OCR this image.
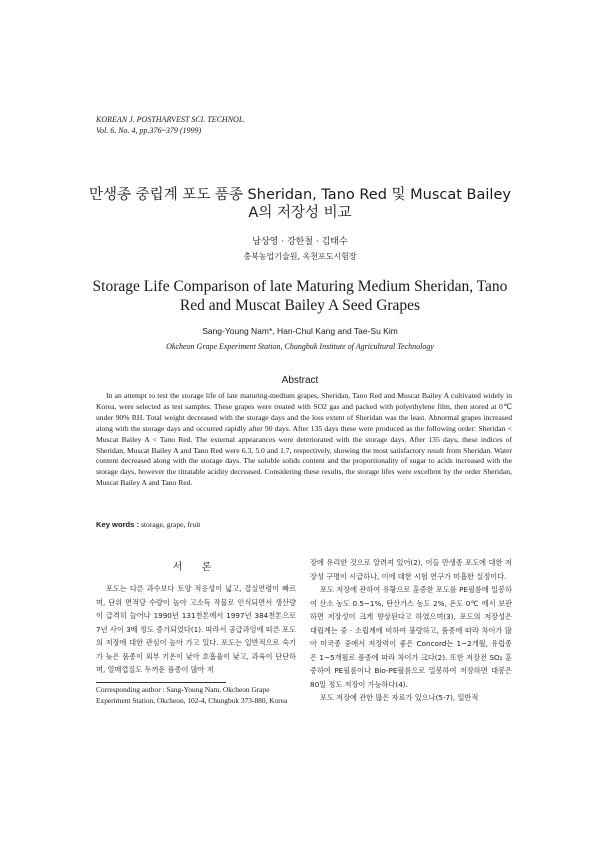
KOREAN J. POSTHARVEST SCI. TECHNOL.
Vol. 6. No. 4, pp.376~379 (1999)
만생종 중립계 포도 품종 Sheridan, Tano Red 및 Muscat Bailey
A의 저장성 비교
남상영 · 강한철 · 김태수
충북농업기술원, 옥천포도시험장
Storage Life Comparison of late Maturing Medium Sheridan, Tano
Red and Muscat Bailey A Seed Grapes
Sang-Young Nam*, Han-Chul Kang and Tae-Su Kim
Okcheon Grape Experiment Station, Chungbuk Institute of Agricultural Technology
Abstract

In an attempt to test the storage life of late maturing-medium grapes, Sheridan, Tano Red and Muscat Bailey A cultivated widely in Korea, were selected as test samples. These grapes were treated with SO2 gas and packed with polyethylene film, then stored at 0℃ under 90% RH. Total weight decreased with the storage days and the loss extent of Sheridan was the least. Abnormal grapes increased along with the storage days and occurred rapidly after 90 days. After 135 days these were produced as the following order: Sheridan < Muscat Bailey A < Tano Red. The external appearances were deteriorated with the storage days. After 135 days, these indices of Sheridan, Muscat Bailey A and Tano Red were 6.3, 5.0 and 1.7, respectively, showing the most satisfactory result from Sheridan. Water content decreased along with the storage days. The soluble solids content and the proportionality of sugar to acids increased with the storage days, however the titratable acidity decreased. Considering these results, the storage lifes were excellent by the order Sheridan, Muscat Bailey A and Tano Red.

Key words : storage, grape, fruit
서 론

포도는 다른 과수보다 토양 적응성이 넓고, 결실연령이 빠르며, 단위 면적당 수량이 높아 고소득 작물로 인식되면서 생산량이 급격히 늘어나 1990년 131천톤에서 1997년 384천톤으로 7년 사이 3배 정도 증가되었다(1). 따라서 공급과잉에 따른 포도의 저장에 대한 관심이 높아 가고 있다. 포도는 일반적으로 숙기가 늦은 품종이 외부 기온이 낮아 호흡율이 낮고, 과육이 단단하며, 열매껍질도 두꺼운 품종이 많아 저

장에 유리한 것으로 알려져 있어(2), 이들 만생종 포도에 대한 저장성 구명이 시급하나, 이에 대한 시험 연구가 미흡한 실정이다.

포도 저장에 관하여 유황으로 훈증한 포도를 PE필름에 밀봉하여 산소 농도 0.5~1%, 탄산가스 농도 2%, 온도 0℃ 에서 보관하면 저장성이 크게 향상된다고 하였으며(3), 포도의 저장성은 대립계는 중 · 소립계에 비하여 불량하고, 품종에 따라 차이가 많아 미국종 중에서 저장력이 좋은 Concord는 1~2개월, 유럽종은 1~5개월로 품종에 따라 차이가 크다(2). 또한 저장전 SO₂ 훈증하여 PE필름이나 Bio-PE필름으로 밀봉하여 저장하면 대봉은 80일 정도 저장이 가능하다(4).

포도 저장에 관한 많은 자료가 있으나(5-7), 일반적

Corresponding author : Sang-Young Nam, Okcheon Grape Experiment Station, Okcheon, 102-4, Chungbuk 373-880, Korea
